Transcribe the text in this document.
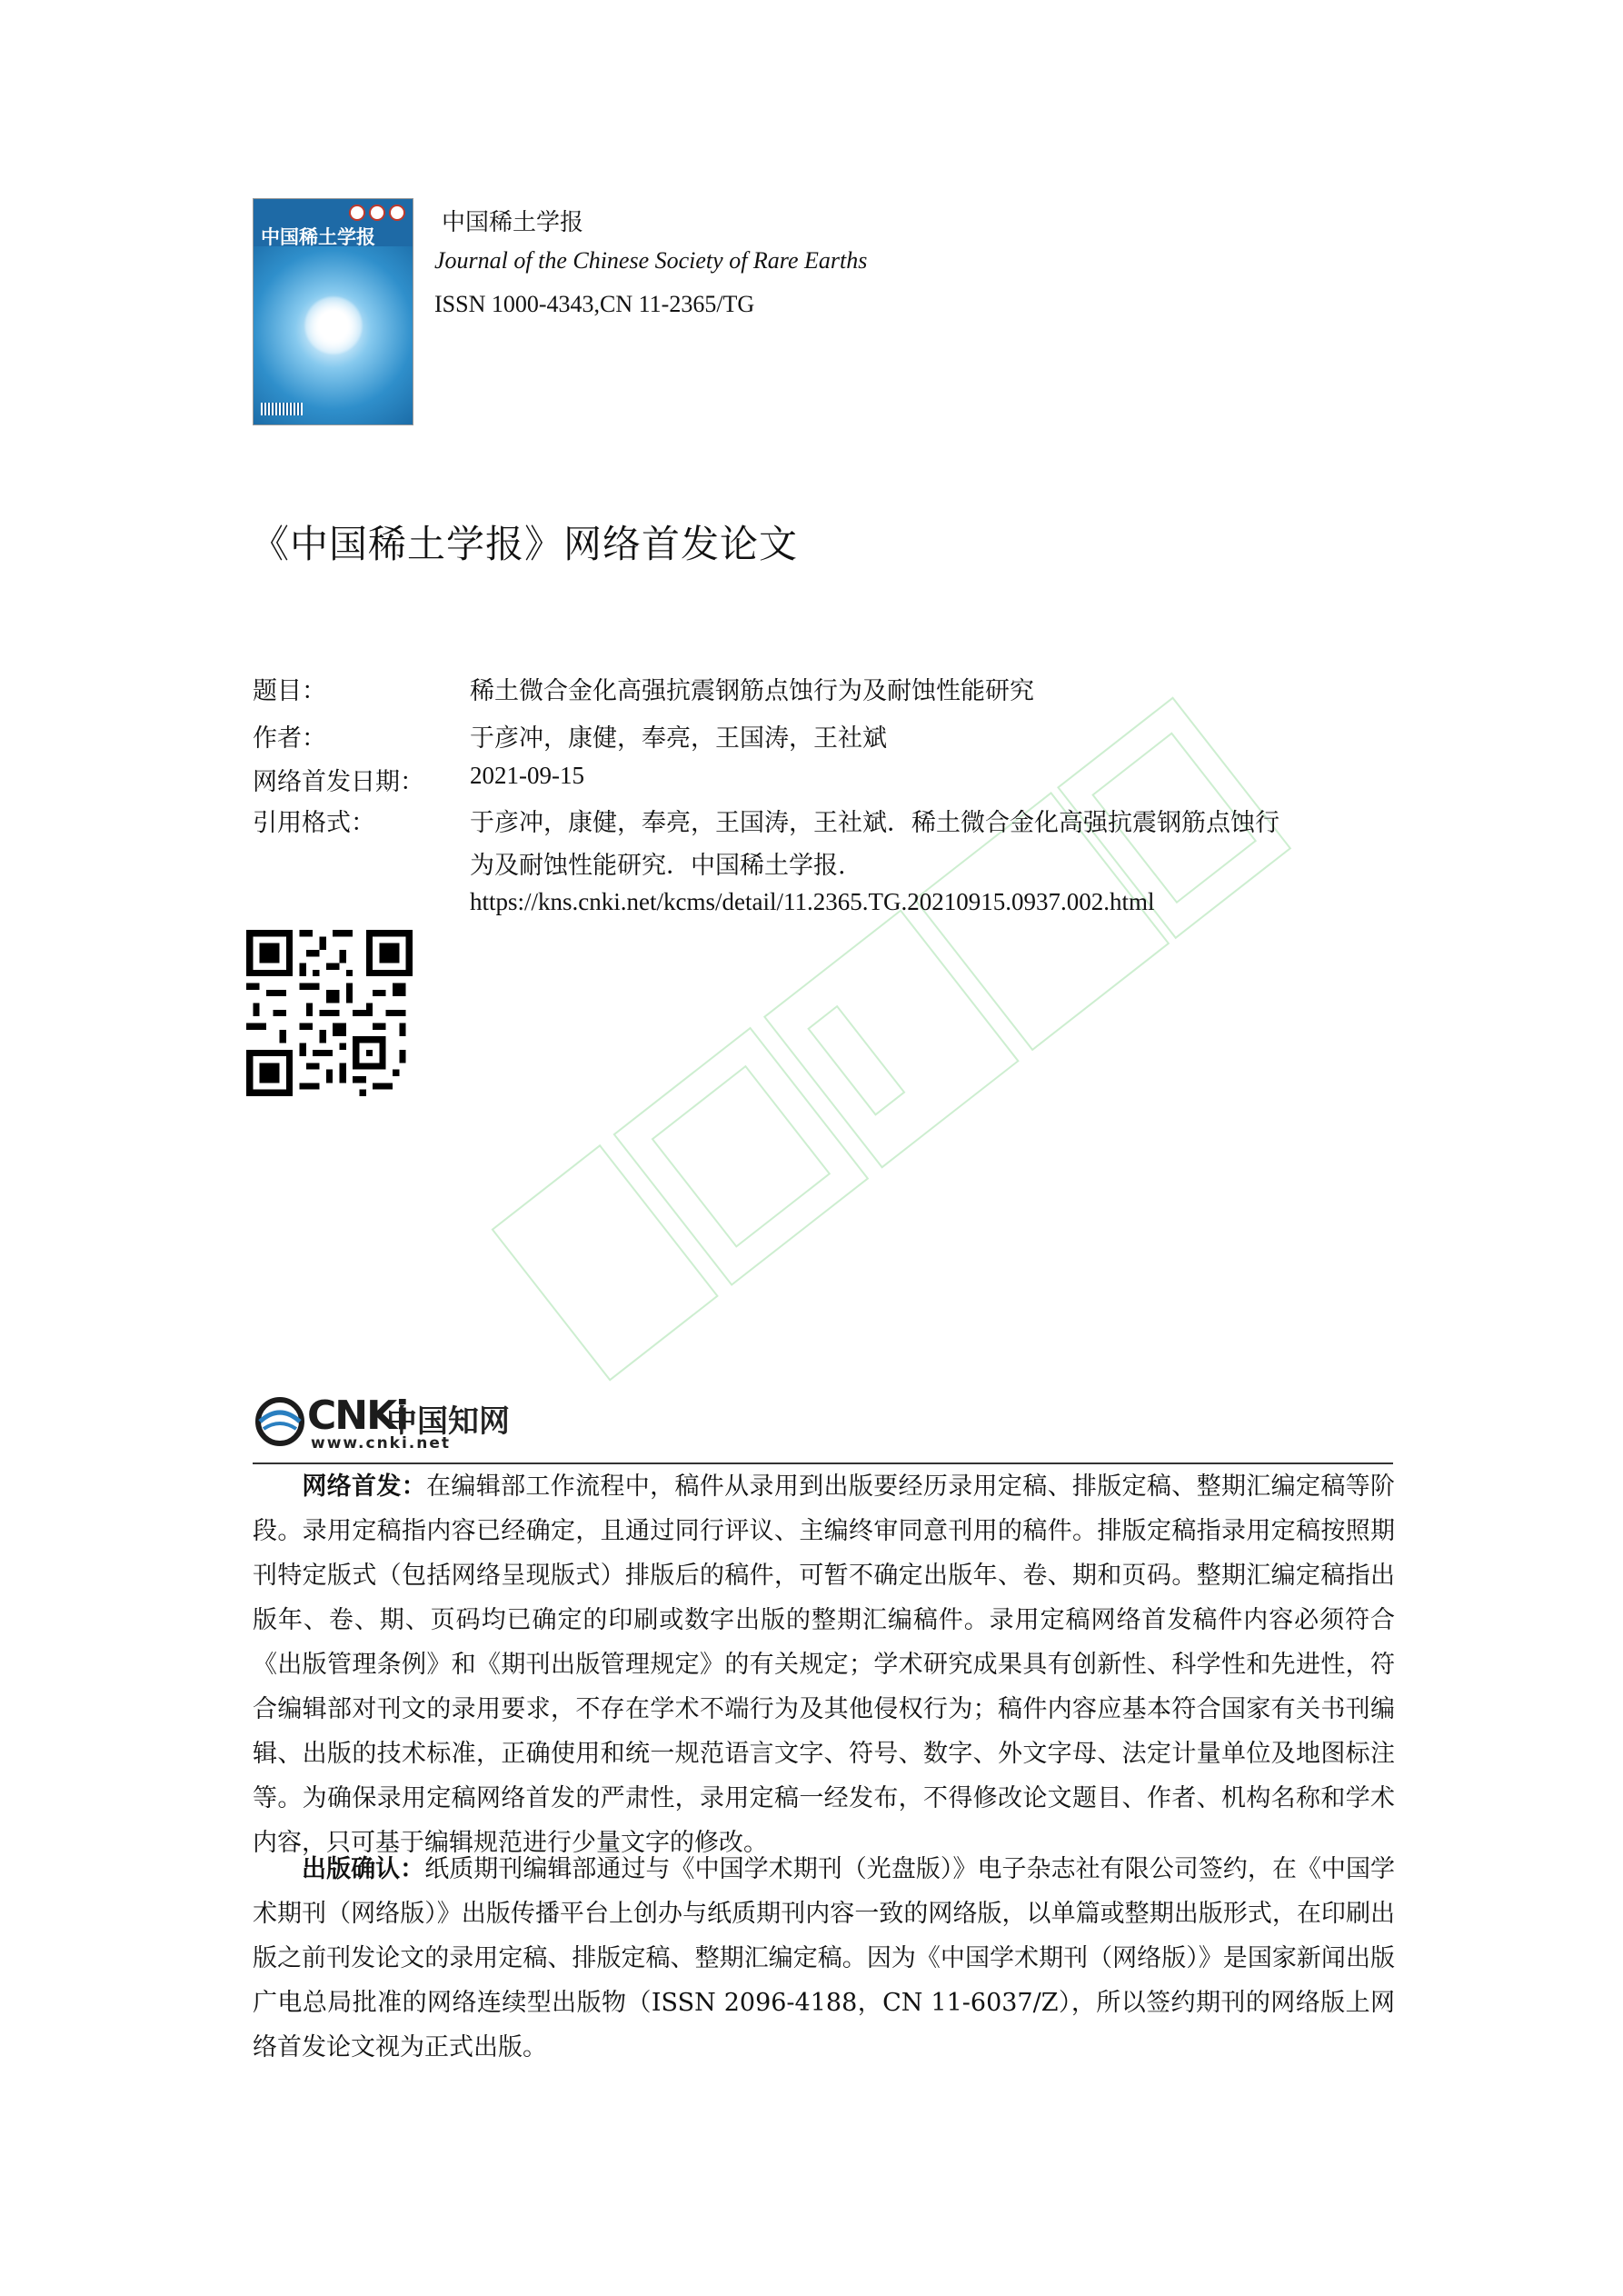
中国稀土学报
中国稀土学报
Journal of the Chinese Society of Rare Earths
ISSN 1000-4343,CN 11-2365/TG
《中国稀土学报》网络首发论文
题目：	稀土微合金化高强抗震钢筋点蚀行为及耐蚀性能研究
作者：	于彦冲，康健，奉亮，王国涛，王社斌
网络首发日期： 2021-09-15
引用格式：	于彦冲，康健，奉亮，王国涛，王社斌．稀土微合金化高强抗震钢筋点蚀行
为及耐蚀性能研究．中国稀土学报.
https://kns.cnki.net/kcms/detail/11.2365.TG.20210915.0937.002.html
CNKi
中国知网
www.cnki.net
网络首发：在编辑部工作流程中，稿件从录用到出版要经历录用定稿、排版定稿、整期汇编定稿等阶段。录用定稿指内容已经确定，且通过同行评议、主编终审同意刊用的稿件。排版定稿指录用定稿按照期刊特定版式（包括网络呈现版式）排版后的稿件，可暂不确定出版年、卷、期和页码。整期汇编定稿指出版年、卷、期、页码均已确定的印刷或数字出版的整期汇编稿件。录用定稿网络首发稿件内容必须符合《出版管理条例》和《期刊出版管理规定》的有关规定；学术研究成果具有创新性、科学性和先进性，符合编辑部对刊文的录用要求，不存在学术不端行为及其他侵权行为；稿件内容应基本符合国家有关书刊编辑、出版的技术标准，正确使用和统一规范语言文字、符号、数字、外文字母、法定计量单位及地图标注等。为确保录用定稿网络首发的严肃性，录用定稿一经发布，不得修改论文题目、作者、机构名称和学术内容，只可基于编辑规范进行少量文字的修改。
出版确认：纸质期刊编辑部通过与《中国学术期刊（光盘版）》电子杂志社有限公司签约，在《中国学术期刊（网络版）》出版传播平台上创办与纸质期刊内容一致的网络版，以单篇或整期出版形式，在印刷出版之前刊发论文的录用定稿、排版定稿、整期汇编定稿。因为《中国学术期刊（网络版）》是国家新闻出版广电总局批准的网络连续型出版物（ISSN 2096-4188，CN 11-6037/Z），所以签约期刊的网络版上网络首发论文视为正式出版。
